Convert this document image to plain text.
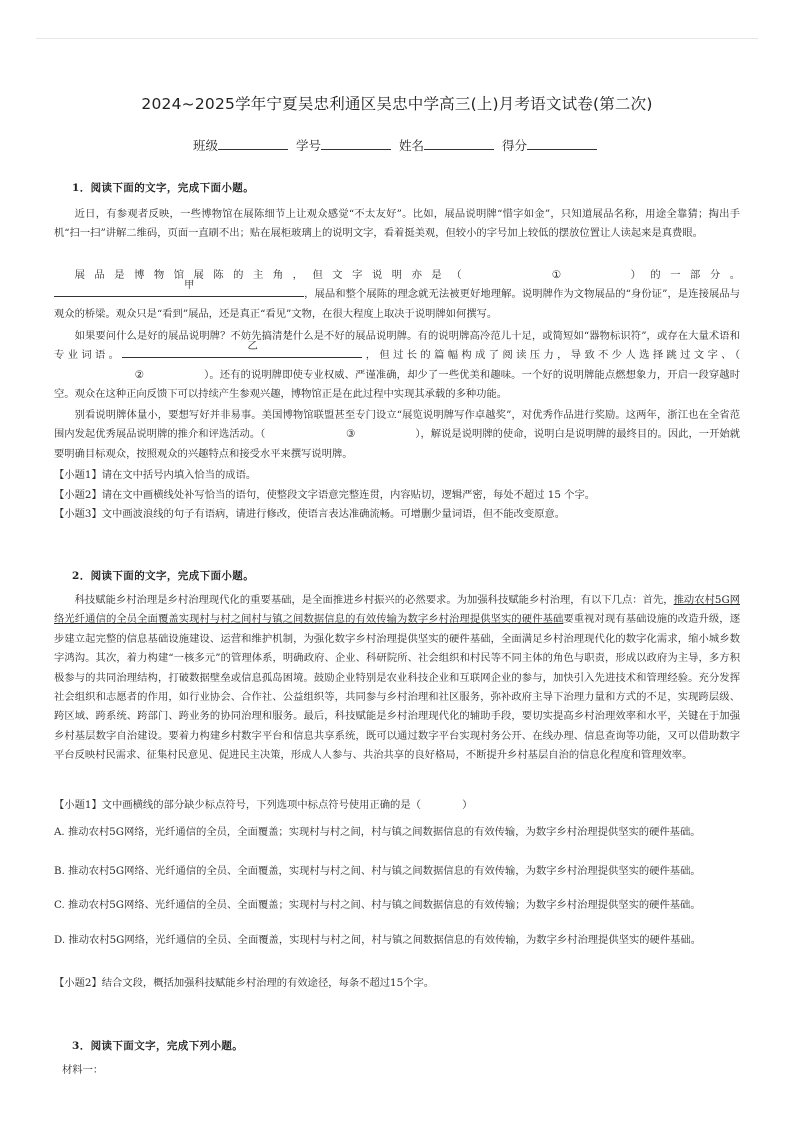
2024~2025学年宁夏吴忠利通区吴忠中学高三(上)月考语文试卷(第二次)
班级	学号	姓名	得分
1．阅读下面的文字，完成下面小题。
近日，有参观者反映，一些博物馆在展陈细节上让观众感觉“不太友好”。比如，展品说明牌“惜字如金”，只知道展品名称，用途全靠猜；掏出手机“扫一扫”讲解二维码，页面一直刷不出；贴在展柜玻璃上的说明文字，看着挺美观，但较小的字号加上较低的摆放位置让人读起来是真费眼。
展品是博物馆展陈的主角，但文字说明亦是（	①	）的一部分。
甲
，展品和整个展陈的理念就无法被更好地理解。说明牌作为文物展品的“身份证”，是连接展品与观众的桥梁。观众只是“看到”展品，还是真正“看见”文物，在很大程度上取决于说明牌如何撰写。
如果要问什么是好的展品说明牌？不妨先搞清楚什么是不好的展品说明牌。有的说明牌高冷范儿十足，或简短如“器物标识符”，或存在大量术语和专业词语。
乙
，但过长的篇幅构成了阅读压力，导致不少人选择跳过文字、（②	）。还有的说明牌即使专业权威、严谨准确，却少了一些优美和趣味。一个好的说明牌能点燃想象力，开启一段穿越时空。观众在这种正向反馈下可以持续产生参观兴趣，博物馆正是在此过程中实现其承载的多种功能。
别看说明牌体量小，要想写好并非易事。美国博物馆联盟甚至专门设立“展览说明牌写作卓越奖”，对优秀作品进行奖励。这两年，浙江也在全省范围内发起优秀展品说明牌的推介和评选活动。（	③	），解说是说明牌的使命，说明白是说明牌的最终目的。因此，一开始就要明确目标观众，按照观众的兴趣特点和接受水平来撰写说明牌。
【小题1】请在文中括号内填入恰当的成语。
【小题2】请在文中画横线处补写恰当的语句，使整段文字语意完整连贯，内容贴切，逻辑严密，每处不超过 15 个字。
【小题3】文中画波浪线的句子有语病，请进行修改，使语言表达准确流畅。可增删少量词语，但不能改变原意。
2．阅读下面的文字，完成下面小题。
科技赋能乡村治理是乡村治理现代化的重要基础，是全面推进乡村振兴的必然要求。为加强科技赋能乡村治理，有以下几点：首先，推动农村5G网络光纤通信的全员全面覆盖实现村与村之间村与镇之间数据信息的有效传输为数字乡村治理提供坚实的硬件基础要重视对现有基础设施的改造升级，逐步建立起完整的信息基础设施建设、运营和维护机制，为强化数字乡村治理提供坚实的硬件基础，全面满足乡村治理现代化的数字化需求，缩小城乡数字鸿沟。其次，着力构建“一核多元”的管理体系，明确政府、企业、科研院所、社会组织和村民等不同主体的角色与职责，形成以政府为主导，多方积极参与的共同治理结构，打破数据壁垒或信息孤岛困境。鼓励企业特别是农业科技企业和互联网企业的参与，加快引入先进技术和管理经验。充分发挥社会组织和志愿者的作用，如行业协会、合作社、公益组织等，共同参与乡村治理和社区服务，弥补政府主导下治理力量和方式的不足，实现跨层级、跨区域、跨系统、跨部门、跨业务的协同治理和服务。最后，科技赋能是乡村治理现代化的辅助手段，要切实提高乡村治理效率和水平，关键在于加强乡村基层数字自治建设。要着力构建乡村数字平台和信息共享系统，既可以通过数字平台实现村务公开、在线办理、信息查询等功能，又可以借助数字平台反映村民需求、征集村民意见、促进民主决策，形成人人参与、共治共享的良好格局，不断提升乡村基层自治的信息化程度和管理效率。
【小题1】文中画横线的部分缺少标点符号，下列选项中标点符号使用正确的是（　　　　）
A. 推动农村5G网络，光纤通信的全员，全面覆盖；实现村与村之间，村与镇之间数据信息的有效传输，为数字乡村治理提供坚实的硬件基础。
B. 推动农村5G网络、光纤通信的全员、全面覆盖，实现村与村之间、村与镇之间数据信息的有效传输，为数字乡村治理提供坚实的硬件基础。
C. 推动农村5G网络、光纤通信的全员、全面覆盖；实现村与村之间、村与镇之间数据信息的有效传输；为数字乡村治理提供坚实的硬件基础。
D. 推动农村5G网络，光纤通信的全员、全面覆盖，实现村与村之间，村与镇之间数据信息的有效传输，为数字乡村治理提供坚实的硬件基础。
【小题2】结合文段，概括加强科技赋能乡村治理的有效途径，每条不超过15个字。
3．阅读下面文字，完成下列小题。
材料一：
